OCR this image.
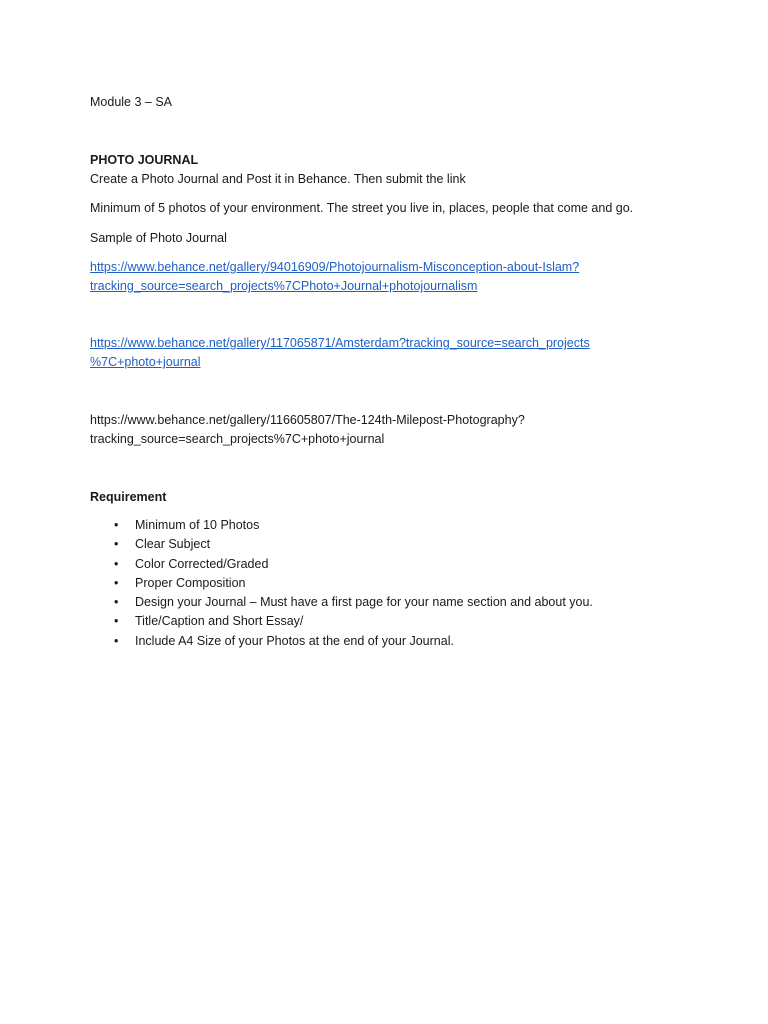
Module 3 – SA
PHOTO JOURNAL
Create a Photo Journal and Post it in Behance. Then submit the link
Minimum of 5 photos of your environment. The street you live in, places, people that come and go.
Sample of Photo Journal
https://www.behance.net/gallery/94016909/Photojournalism-Misconception-about-Islam?
tracking_source=search_projects%7CPhoto+Journal+photojournalism
https://www.behance.net/gallery/117065871/Amsterdam?tracking_source=search_projects
%7C+photo+journal
https://www.behance.net/gallery/116605807/The-124th-Milepost-Photography?
tracking_source=search_projects%7C+photo+journal
Requirement
• Minimum of 10 Photos
• Clear Subject
• Color Corrected/Graded
• Proper Composition
• Design your Journal – Must have a first page for your name section and about you.
• Title/Caption and Short Essay/
• Include A4 Size of your Photos at the end of your Journal.
